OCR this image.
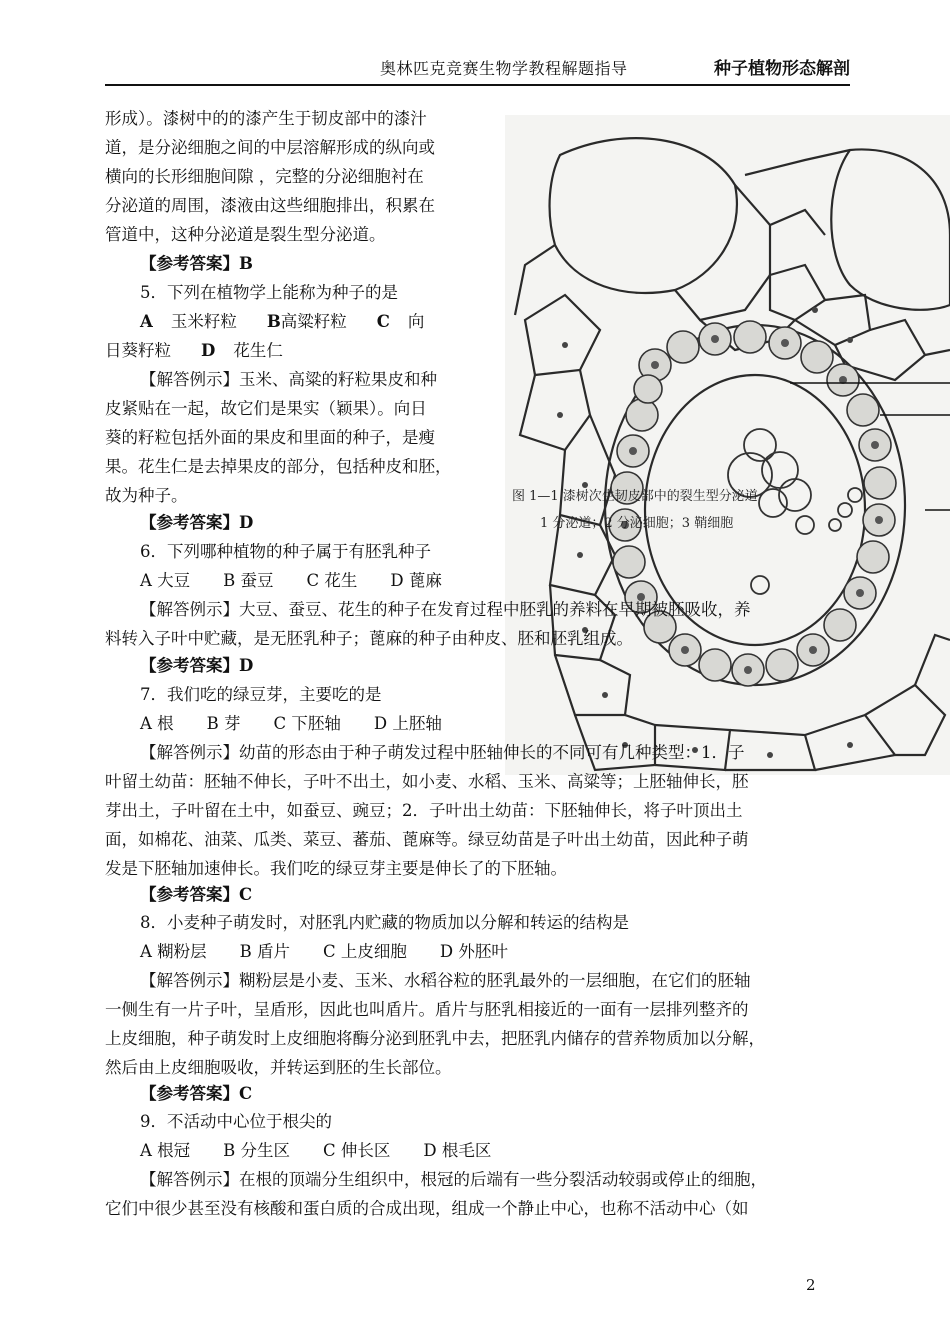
奥林匹克竞赛生物学教程解题指导	种子植物形态解剖
图 1—1 漆树次生韧皮部中的裂生型分泌道
1 分泌道；2 分泌细胞；3 鞘细胞
形成）。漆树中的的漆产生于韧皮部中的漆汁
道，是分泌细胞之间的中层溶解形成的纵向或
横向的长形细胞间隙 ，完整的分泌细胞衬在
分泌道的周围，漆液由这些细胞排出，积累在
管道中，这种分泌道是裂生型分泌道。
【参考答案】B
5．下列在植物学上能称为种子的是
A 玉米籽粒 B高粱籽粒 C 向
日葵籽粒 D 花生仁
【解答例示】玉米、高粱的籽粒果皮和种
皮紧贴在一起，故它们是果实（颖果）。向日
葵的籽粒包括外面的果皮和里面的种子，是瘦
果。花生仁是去掉果皮的部分，包括种皮和胚，
故为种子。
【参考答案】D
6．下列哪种植物的种子属于有胚乳种子
A 大豆　　B 蚕豆　　C 花生　　D 蓖麻
【解答例示】大豆、蚕豆、花生的种子在发育过程中胚乳的养料在早期被胚吸收，养
料转入子叶中贮藏，是无胚乳种子；蓖麻的种子由种皮、胚和胚乳组成。
【参考答案】D
7．我们吃的绿豆芽，主要吃的是
A 根　　B 芽　　C 下胚轴　　D 上胚轴
【解答例示】幼苗的形态由于种子萌发过程中胚轴伸长的不同可有几种类型：1．子
叶留土幼苗：胚轴不伸长，子叶不出土，如小麦、水稻、玉米、高粱等；上胚轴伸长，胚
芽出土，子叶留在土中，如蚕豆、豌豆；2．子叶出土幼苗：下胚轴伸长，将子叶顶出土
面，如棉花、油菜、瓜类、菜豆、蕃茄、蓖麻等。绿豆幼苗是子叶出土幼苗，因此种子萌
发是下胚轴加速伸长。我们吃的绿豆芽主要是伸长了的下胚轴。
【参考答案】C
8．小麦种子萌发时，对胚乳内贮藏的物质加以分解和转运的结构是
A 糊粉层　　B 盾片　　C 上皮细胞　　D 外胚叶
【解答例示】糊粉层是小麦、玉米、水稻谷粒的胚乳最外的一层细胞，在它们的胚轴
一侧生有一片子叶，呈盾形，因此也叫盾片。盾片与胚乳相接近的一面有一层排列整齐的
上皮细胞，种子萌发时上皮细胞将酶分泌到胚乳中去，把胚乳内储存的营养物质加以分解，
然后由上皮细胞吸收，并转运到胚的生长部位。
【参考答案】C
9．不活动中心位于根尖的
A 根冠　　B 分生区　　C 伸长区　　D 根毛区
【解答例示】在根的顶端分生组织中，根冠的后端有一些分裂活动较弱或停止的细胞，
它们中很少甚至没有核酸和蛋白质的合成出现，组成一个静止中心，也称不活动中心（如
2
